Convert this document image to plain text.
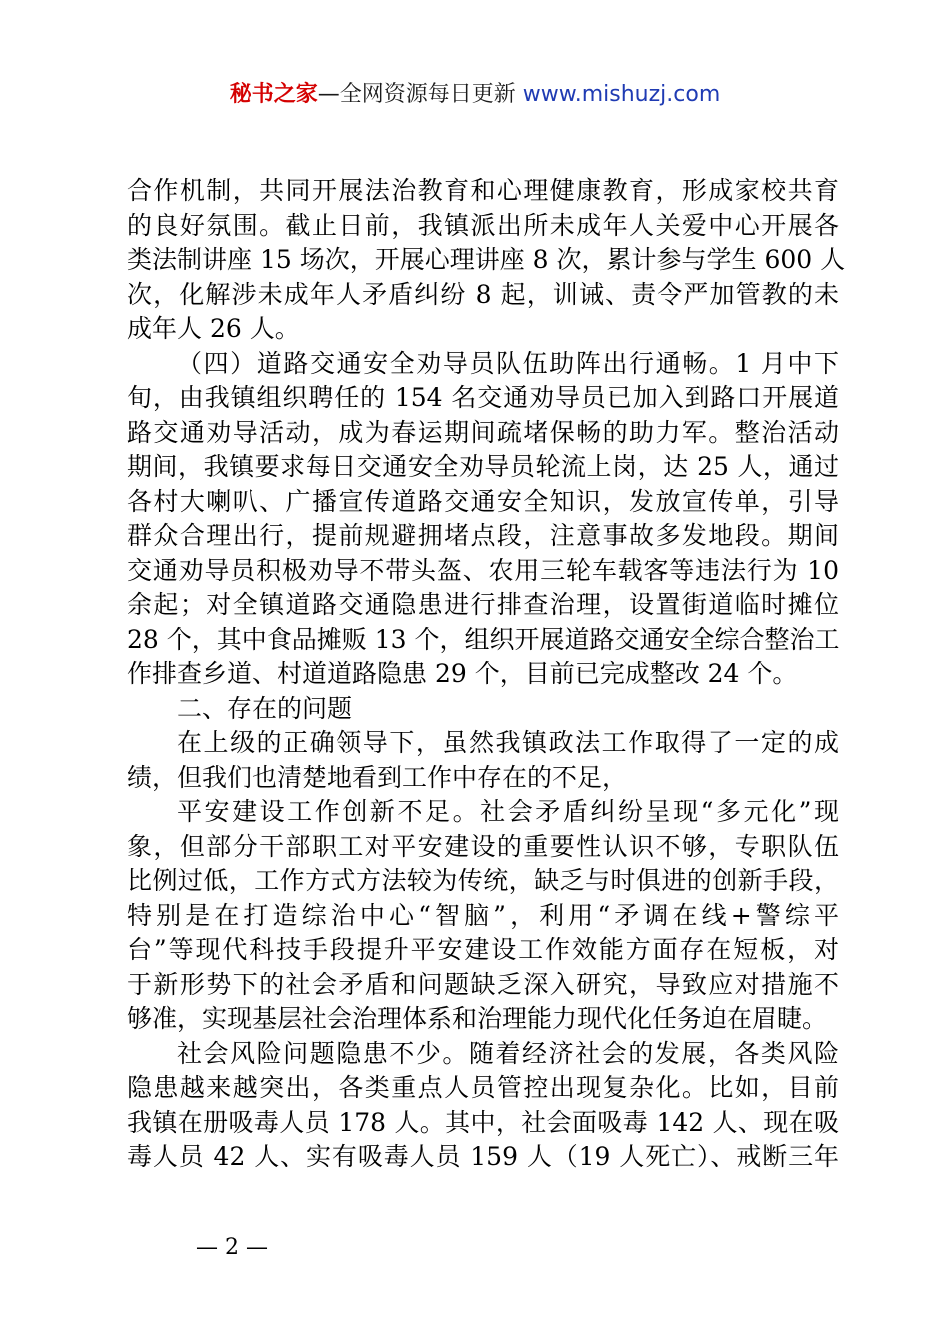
秘书之家—全网资源每日更新 www.mishuzj.com
合作机制，共同开展法治教育和心理健康教育，形成家校共育
的良好氛围。截止日前，我镇派出所未成年人关爱中心开展各
类法制讲座 15 场次，开展心理讲座 8 次，累计参与学生 600 人
次，化解涉未成年人矛盾纠纷 8 起，训诫、责令严加管教的未
成年人 26 人。
（四）道路交通安全劝导员队伍助阵出行通畅。1 月中下
旬，由我镇组织聘任的 154 名交通劝导员已加入到路口开展道
路交通劝导活动，成为春运期间疏堵保畅的助力军。整治活动
期间，我镇要求每日交通安全劝导员轮流上岗，达 25 人，通过
各村大喇叭、广播宣传道路交通安全知识，发放宣传单，引导
群众合理出行，提前规避拥堵点段，注意事故多发地段。期间
交通劝导员积极劝导不带头盔、农用三轮车载客等违法行为 10
余起；对全镇道路交通隐患进行排查治理，设置街道临时摊位
28 个，其中食品摊贩 13 个，组织开展道路交通安全综合整治工
作排查乡道、村道道路隐患 29 个，目前已完成整改 24 个。
二、存在的问题
在上级的正确领导下，虽然我镇政法工作取得了一定的成
绩，但我们也清楚地看到工作中存在的不足，
平安建设工作创新不足。社会矛盾纠纷呈现“多元化”现
象，但部分干部职工对平安建设的重要性认识不够，专职队伍
比例过低，工作方式方法较为传统，缺乏与时俱进的创新手段，
特别是在打造综治中心“智脑”，利用“矛调在线+警综平
台”等现代科技手段提升平安建设工作效能方面存在短板，对
于新形势下的社会矛盾和问题缺乏深入研究，导致应对措施不
够准，实现基层社会治理体系和治理能力现代化任务迫在眉睫。
社会风险问题隐患不少。随着经济社会的发展，各类风险
隐患越来越突出，各类重点人员管控出现复杂化。比如，目前
我镇在册吸毒人员 178 人。其中，社会面吸毒 142 人、现在吸
毒人员 42 人、实有吸毒人员 159 人（19 人死亡）、戒断三年
— 2 —
